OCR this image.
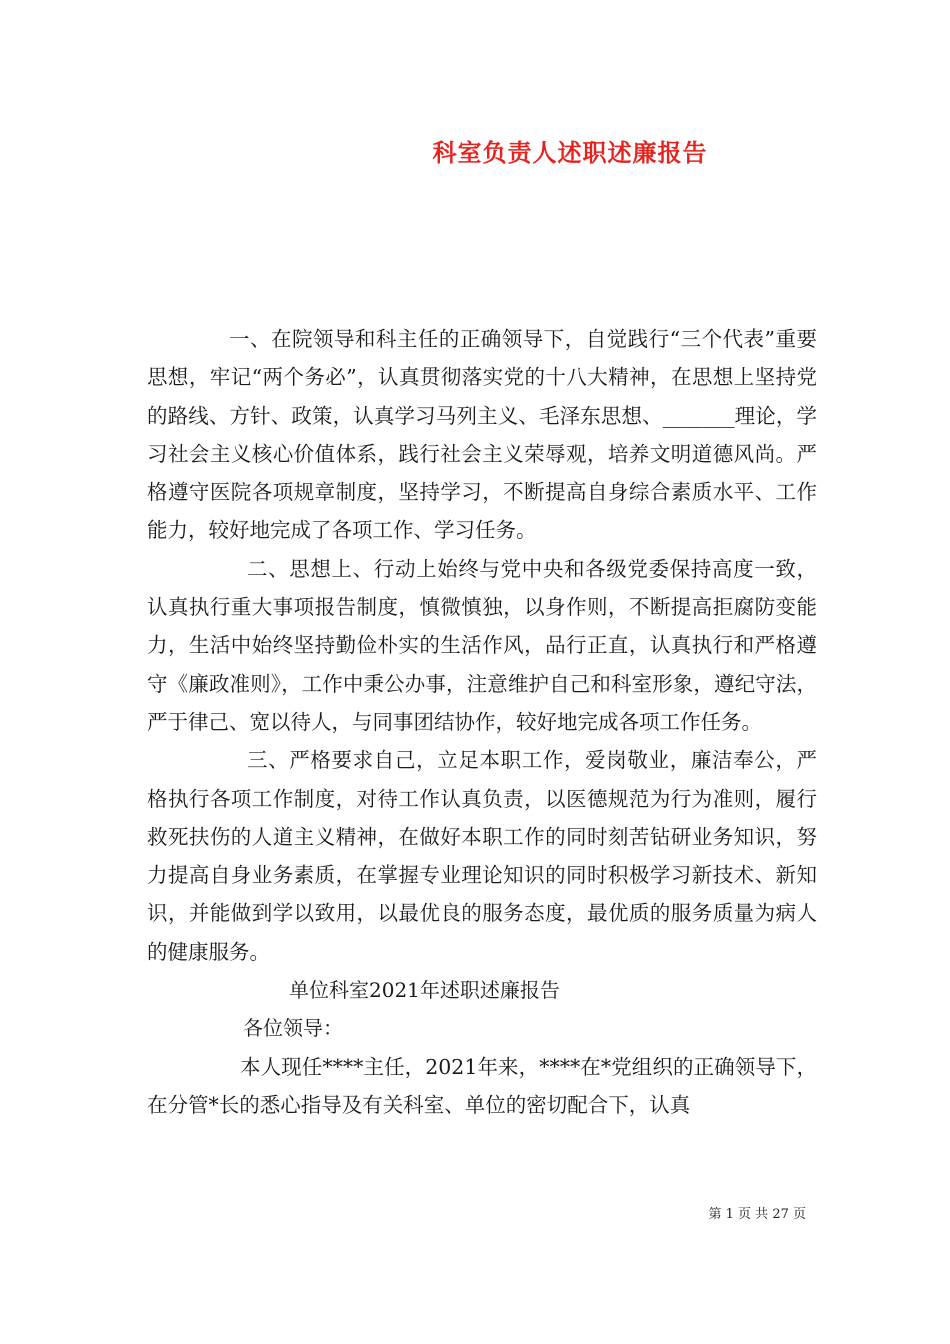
科室负责人述职述廉报告

一、在院领导和科主任的正确领导下，自觉践行“三个代表”重要思想，牢记“两个务必”，认真贯彻落实党的十八大精神，在思想上坚持党的路线、方针、政策，认真学习马列主义、毛泽东思想、_______理论，学习社会主义核心价值体系，践行社会主义荣辱观，培养文明道德风尚。严格遵守医院各项规章制度，坚持学习，不断提高自身综合素质水平、工作能力，较好地完成了各项工作、学习任务。

二、思想上、行动上始终与党中央和各级党委保持高度一致，认真执行重大事项报告制度，慎微慎独，以身作则，不断提高拒腐防变能力，生活中始终坚持勤俭朴实的生活作风，品行正直，认真执行和严格遵守《廉政准则》，工作中秉公办事，注意维护自己和科室形象，遵纪守法，严于律己、宽以待人，与同事团结协作，较好地完成各项工作任务。

三、严格要求自己，立足本职工作，爱岗敬业，廉洁奉公，严格执行各项工作制度，对待工作认真负责，以医德规范为行为准则，履行救死扶伤的人道主义精神，在做好本职工作的同时刻苦钻研业务知识，努力提高自身业务素质，在掌握专业理论知识的同时积极学习新技术、新知识，并能做到学以致用，以最优良的服务态度，最优质的服务质量为病人的健康服务。

单位科室2021年述职述廉报告

各位领导：

本人现任****主任，2021年来，****在*党组织的正确领导下，在分管*长的悉心指导及有关科室、单位的密切配合下，认真

第 1 页 共 27 页
